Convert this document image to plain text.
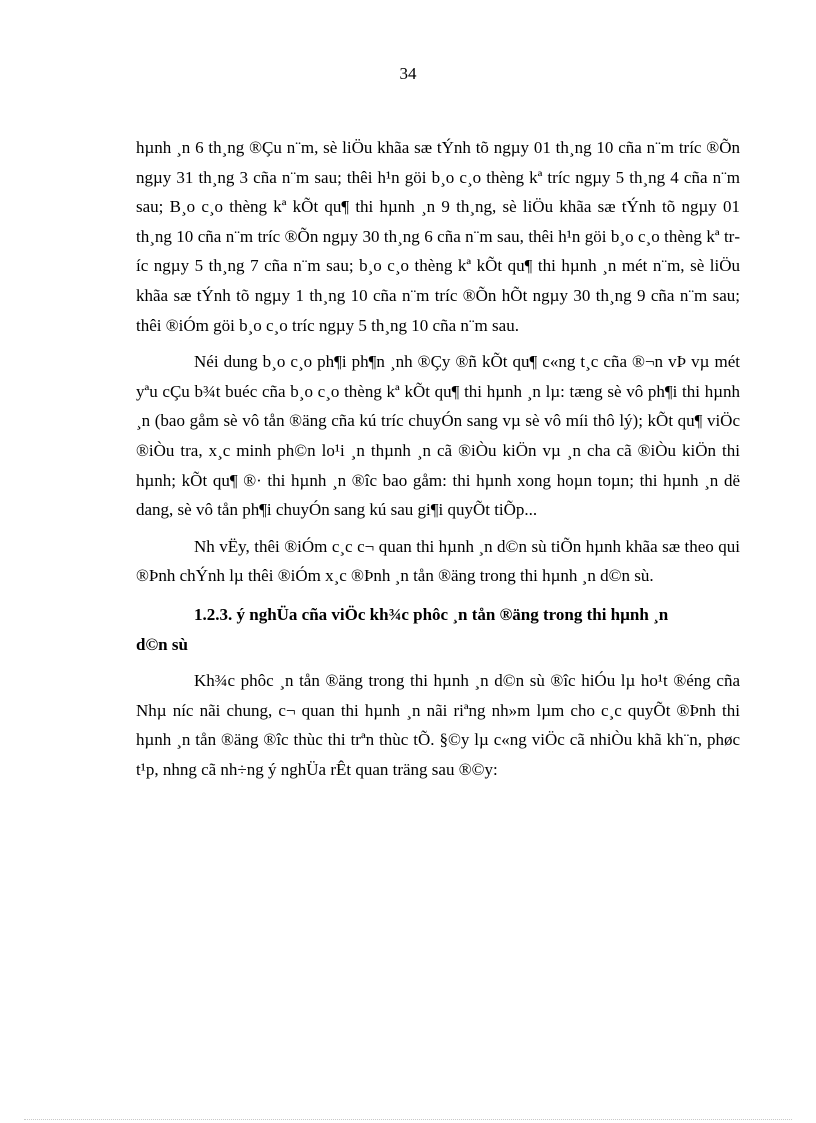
34

hµnh ¸n 6 th¸ng ®Çu n¨m, sè liÖu khãa sæ tÝnh tõ ngµy 01 th¸ng 10 cña n¨m tríc ®Õn ngµy 31 th¸ng 3 cña n¨m sau; thêi h¹n göi b¸o c¸o thèng kª tríc ngµy 5 th¸ng 4 cña n¨m sau; B¸o c¸o thèng kª kÕt qu¶ thi hµnh ¸n 9 th¸ng, sè liÖu khãa sæ tÝnh tõ ngµy 01 th¸ng 10 cña n¨m tríc ®Õn ngµy 30 th¸ng 6 cña n¨m sau, thêi h¹n göi b¸o c¸o thèng kª tríc ngµy 5 th¸ng 7 cña n¨m sau; b¸o c¸o thèng kª kÕt qu¶ thi hµnh ¸n mét n¨m, sè liÖu khãa sæ tÝnh tõ ngµy 1 th¸ng 10 cña n¨m tríc ®Õn hÕt ngµy 30 th¸ng 9 cña n¨m sau; thêi ®iÓm göi b¸o c¸o tríc ngµy 5 th¸ng 10 cña n¨m sau.

Néi dung b¸o c¸o ph¶i ph¶n ¸nh ®Çy ®ñ kÕt qu¶ c«ng t¸c cña ®¬n vÞ vµ mét yªu cÇu b¾t buéc cña b¸o c¸o thèng kª kÕt qu¶ thi hµnh ¸n lµ: tæng sè vô ph¶i thi hµnh ¸n (bao gåm sè vô tån ®äng cña kú tríc chuyÓn sang vµ sè vô míi thô lý); kÕt qu¶ viÖc ®iÒu tra, x¸c minh ph©n lo¹i ¸n thµnh ¸n cã ®iÒu kiÖn vµ ¸n cha cã ®iÒu kiÖn thi hµnh; kÕt qu¶ ®· thi hµnh ¸n ®îc bao gåm: thi hµnh xong hoµn toµn; thi hµnh ¸n dë dang, sè vô tån ph¶i chuyÓn sang kú sau gi¶i quyÕt tiÕp...

Nh vËy, thêi ®iÓm c¸c c¬ quan thi hµnh ¸n d©n sù tiÕn hµnh khãa sæ theo qui ®Þnh chÝnh lµ thêi ®iÓm x¸c ®Þnh ¸n tån ®äng trong thi hµnh ¸n d©n sù.

1.2.3. ý nghÜa cña viÖc kh¾c phôc ¸n tån ®äng trong thi hµnh ¸n

d©n sù

Kh¾c phôc ¸n tån ®äng trong thi hµnh ¸n d©n sù ®îc hiÓu lµ ho¹t ®éng cña Nhµ níc nãi chung, c¬ quan thi hµnh ¸n nãi riªng nh»m lµm cho c¸c quyÕt ®Þnh thi hµnh ¸n tån ®äng ®îc thùc thi trªn thùc tÕ. §©y lµ c«ng viÖc cã nhiÒu khã kh¨n, phøc t¹p, nhng cã nh÷ng ý nghÜa rÊt quan träng sau ®©y:
